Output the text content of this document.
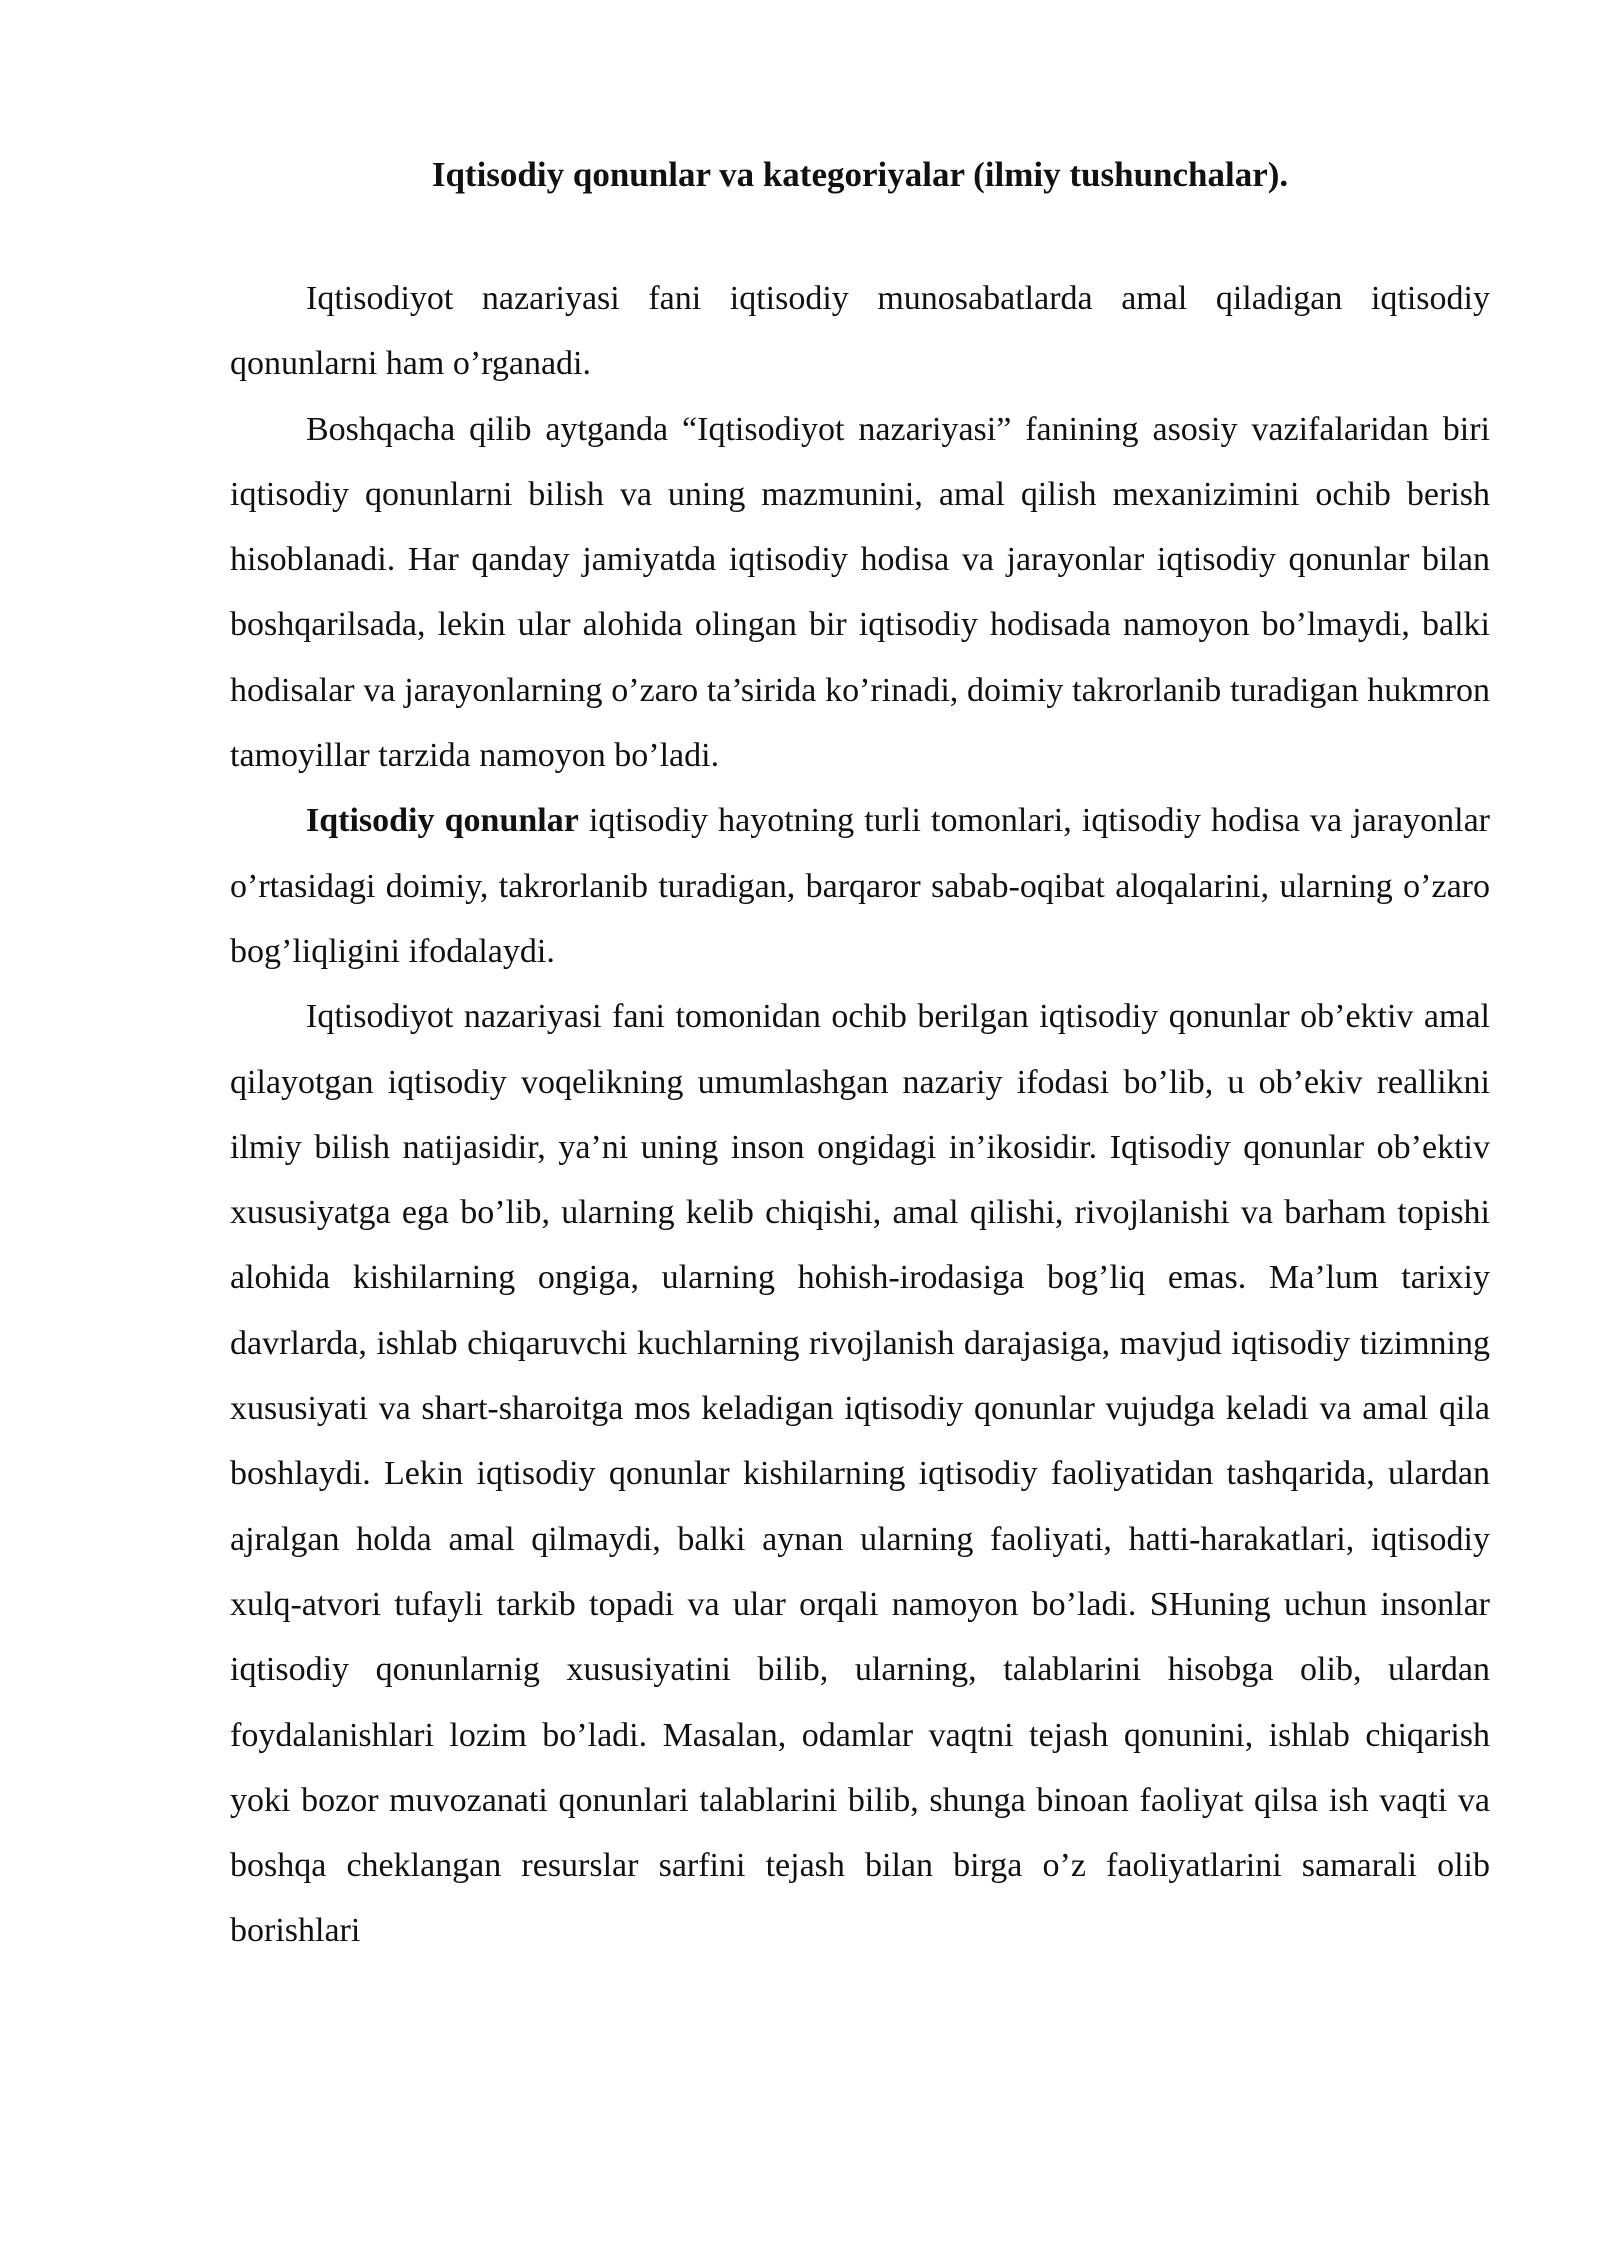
Iqtisodiy qonunlar va kategoriyalar (ilmiy tushunchalar).

Iqtisodiyot nazariyasi fani iqtisodiy munosabatlarda amal qiladigan iqtisodiy qonunlarni ham o’rganadi.

Boshqacha qilib aytganda “Iqtisodiyot nazariyasi” fanining asosiy vazifalaridan biri iqtisodiy qonunlarni bilish va uning mazmunini, amal qilish mexanizimini ochib berish hisoblanadi. Har qanday jamiyatda iqtisodiy hodisa va jarayonlar iqtisodiy qonunlar bilan boshqarilsada, lekin ular alohida olingan bir iqtisodiy hodisada namoyon bo’lmaydi, balki hodisalar va jarayonlarning o’zaro ta’sirida ko’rinadi, doimiy takrorlanib turadigan hukmron tamoyillar tarzida namoyon bo’ladi.

Iqtisodiy qonunlar iqtisodiy hayotning turli tomonlari, iqtisodiy hodisa va jarayonlar o’rtasidagi doimiy, takrorlanib turadigan, barqaror sabab-oqibat aloqalarini, ularning o’zaro bog’liqligini ifodalaydi.

Iqtisodiyot nazariyasi fani tomonidan ochib berilgan iqtisodiy qonunlar ob’ektiv amal qilayotgan iqtisodiy voqelikning umumlashgan nazariy ifodasi bo’lib, u ob’ekiv reallikni ilmiy bilish natijasidir, ya’ni uning inson ongidagi in’ikosidir. Iqtisodiy qonunlar ob’ektiv xususiyatga ega bo’lib, ularning kelib chiqishi, amal qilishi, rivojlanishi va barham topishi alohida kishilarning ongiga, ularning hohish-irodasiga bog’liq emas. Ma’lum tarixiy davrlarda, ishlab chiqaruvchi kuchlarning rivojlanish darajasiga, mavjud iqtisodiy tizimning xususiyati va shart-sharoitga mos keladigan iqtisodiy qonunlar vujudga keladi va amal qila boshlaydi. Lekin iqtisodiy qonunlar kishilarning iqtisodiy faoliyatidan tashqarida, ulardan ajralgan holda amal qilmaydi, balki aynan ularning faoliyati, hatti-harakatlari, iqtisodiy xulq-atvori tufayli tarkib topadi va ular orqali namoyon bo’ladi. SHuning uchun insonlar iqtisodiy qonunlarnig xususiyatini bilib, ularning, talablarini hisobga olib, ulardan foydalanishlari lozim bo’ladi. Masalan, odamlar vaqtni tejash qonunini, ishlab chiqarish yoki bozor muvozanati qonunlari talablarini bilib, shunga binoan faoliyat qilsa ish vaqti va boshqa cheklangan resurslar sarfini tejash bilan birga o’z faoliyatlarini samarali olib borishlari
